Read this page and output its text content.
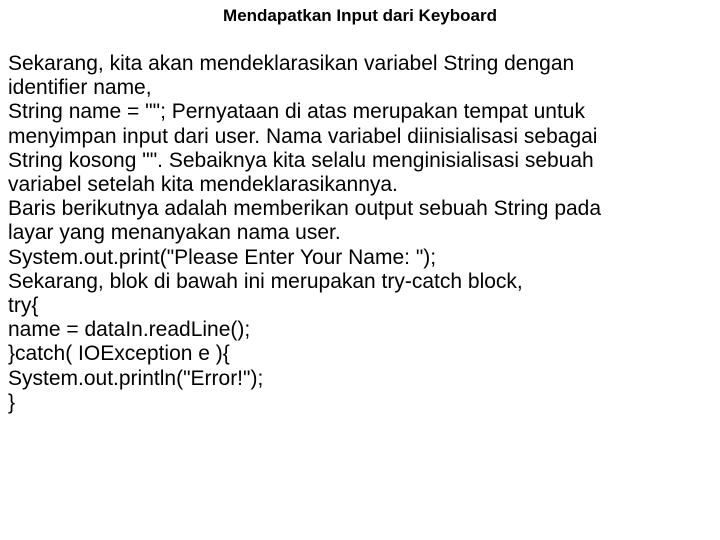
Mendapatkan Input dari Keyboard
Sekarang, kita akan mendeklarasikan variabel String dengan
identifier name,
String name = ""; Pernyataan di atas merupakan tempat untuk
menyimpan input dari user. Nama variabel diinisialisasi sebagai
String kosong "". Sebaiknya kita selalu menginisialisasi sebuah
variabel setelah kita mendeklarasikannya.
Baris berikutnya adalah memberikan output sebuah String pada
layar yang menanyakan nama user.
System.out.print("Please Enter Your Name: ");
Sekarang, blok di bawah ini merupakan try-catch block,
try{
name = dataIn.readLine();
}catch( IOException e ){
System.out.println("Error!");
}
